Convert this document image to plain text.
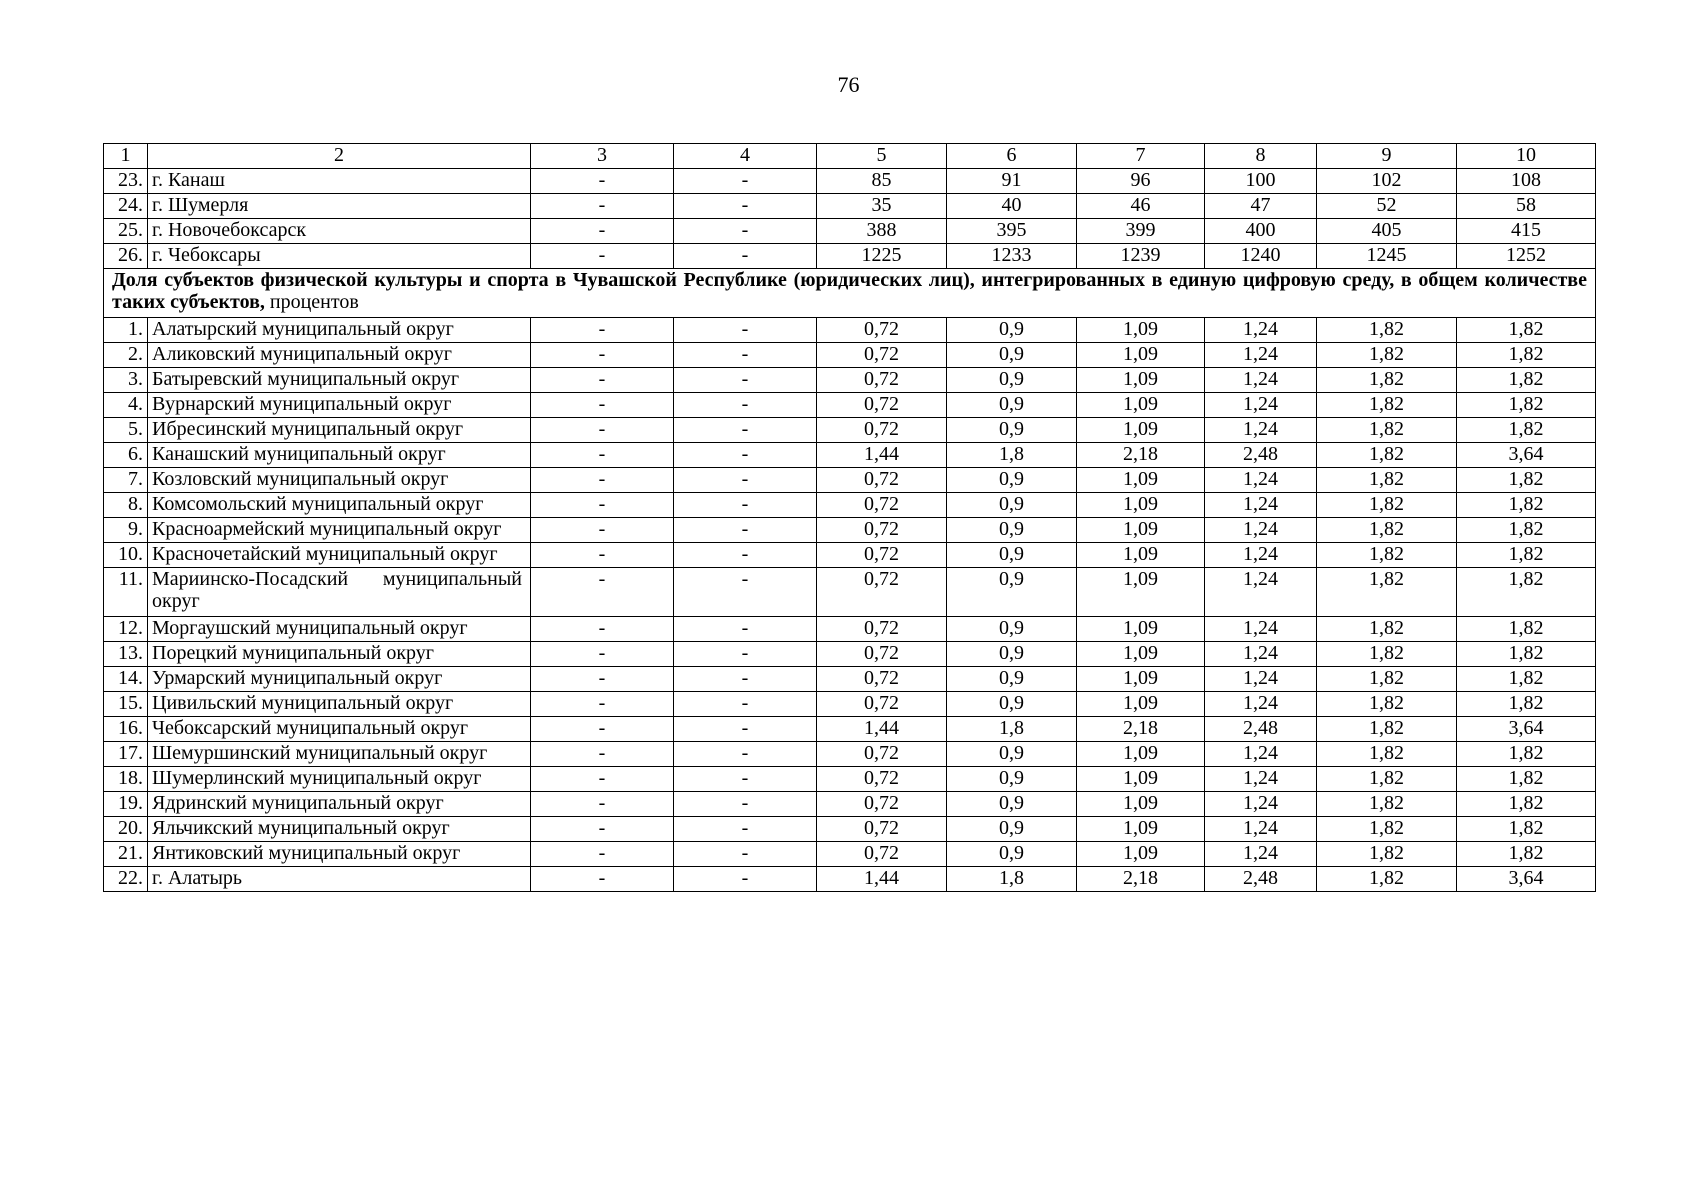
76
1	2	3	4	5	6	7	8	9	10
23.	г. Канаш	-	-	85	91	96	100	102	108
24.	г. Шумерля	-	-	35	40	46	47	52	58
25.	г. Новочебоксарск	-	-	388	395	399	400	405	415
26.	г. Чебоксары	-	-	1225	1233	1239	1240	1245	1252
Доля субъектов физической культуры и спорта в Чувашской Республике (юридических лиц), интегрированных в единую цифровую среду, в общем количестве таких субъектов, процентов									
1.	Алатырский муниципальный округ	-	-	0,72	0,9	1,09	1,24	1,82	1,82
2.	Аликовский муниципальный округ	-	-	0,72	0,9	1,09	1,24	1,82	1,82
3.	Батыревский муниципальный округ	-	-	0,72	0,9	1,09	1,24	1,82	1,82
4.	Вурнарский муниципальный округ	-	-	0,72	0,9	1,09	1,24	1,82	1,82
5.	Ибресинский муниципальный округ	-	-	0,72	0,9	1,09	1,24	1,82	1,82
6.	Канашский муниципальный округ	-	-	1,44	1,8	2,18	2,48	1,82	3,64
7.	Козловский муниципальный округ	-	-	0,72	0,9	1,09	1,24	1,82	1,82
8.	Комсомольский муниципальный округ	-	-	0,72	0,9	1,09	1,24	1,82	1,82
9.	Красноармейский муниципальный округ	-	-	0,72	0,9	1,09	1,24	1,82	1,82
10.	Красночетайский муниципальный округ	-	-	0,72	0,9	1,09	1,24	1,82	1,82
11.	Мариинско-Посадский муниципальный округ	-	-	0,72	0,9	1,09	1,24	1,82	1,82
12.	Моргаушский муниципальный округ	-	-	0,72	0,9	1,09	1,24	1,82	1,82
13.	Порецкий муниципальный округ	-	-	0,72	0,9	1,09	1,24	1,82	1,82
14.	Урмарский муниципальный округ	-	-	0,72	0,9	1,09	1,24	1,82	1,82
15.	Цивильский муниципальный округ	-	-	0,72	0,9	1,09	1,24	1,82	1,82
16.	Чебоксарский муниципальный округ	-	-	1,44	1,8	2,18	2,48	1,82	3,64
17.	Шемуршинский муниципальный округ	-	-	0,72	0,9	1,09	1,24	1,82	1,82
18.	Шумерлинский муниципальный округ	-	-	0,72	0,9	1,09	1,24	1,82	1,82
19.	Ядринский муниципальный округ	-	-	0,72	0,9	1,09	1,24	1,82	1,82
20.	Яльчикский муниципальный округ	-	-	0,72	0,9	1,09	1,24	1,82	1,82
21.	Янтиковский муниципальный округ	-	-	0,72	0,9	1,09	1,24	1,82	1,82
22.	г. Алатырь	-	-	1,44	1,8	2,18	2,48	1,82	3,64
